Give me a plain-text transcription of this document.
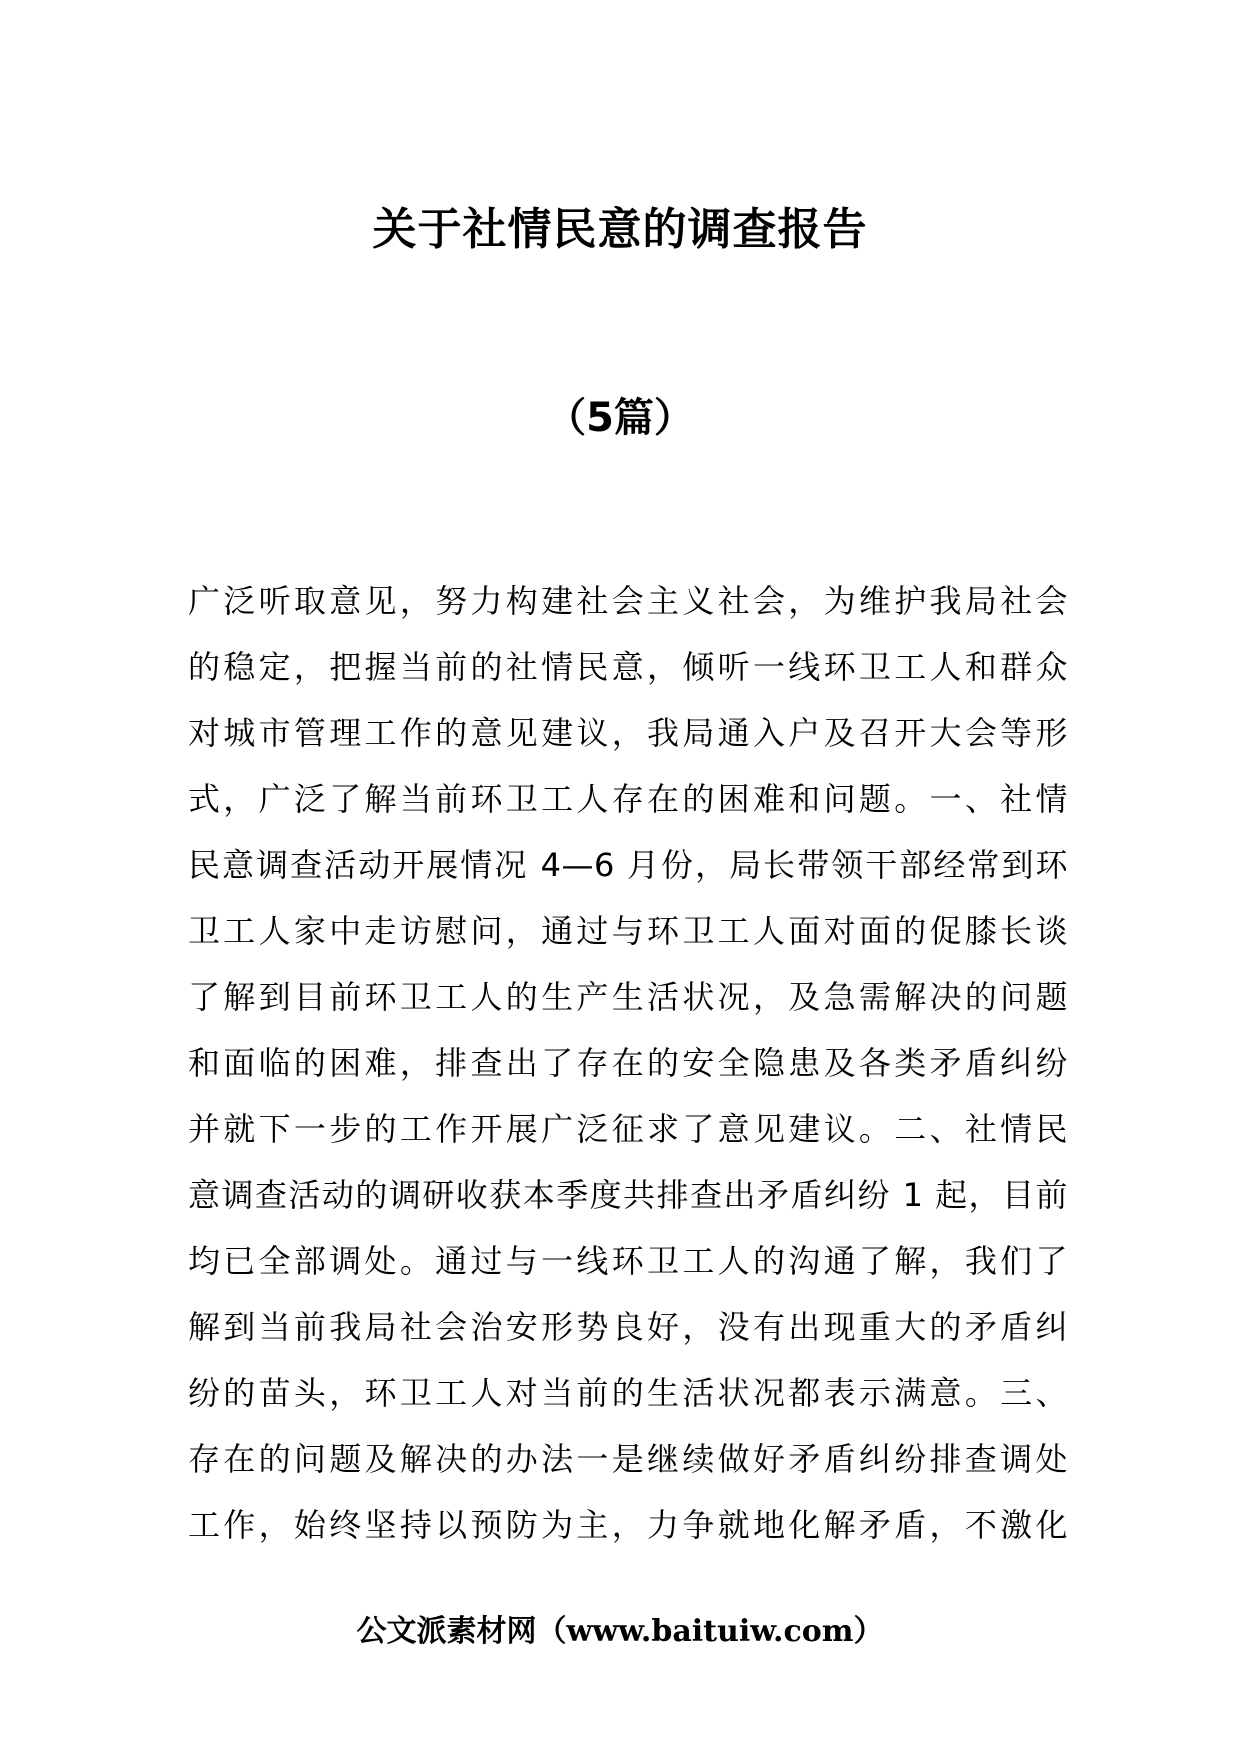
关于社情民意的调查报告
（5篇）
广泛听取意见，努力构建社会主义社会，为维护我局社会
的稳定，把握当前的社情民意，倾听一线环卫工人和群众
对城市管理工作的意见建议，我局通入户及召开大会等形
式，广泛了解当前环卫工人存在的困难和问题。一、社情
民意调查活动开展情况 4—6 月份，局长带领干部经常到环
卫工人家中走访慰问，通过与环卫工人面对面的促膝长谈
了解到目前环卫工人的生产生活状况，及急需解决的问题
和面临的困难，排查出了存在的安全隐患及各类矛盾纠纷
并就下一步的工作开展广泛征求了意见建议。二、社情民
意调查活动的调研收获本季度共排查出矛盾纠纷 1 起，目前
均已全部调处。通过与一线环卫工人的沟通了解，我们了
解到当前我局社会治安形势良好，没有出现重大的矛盾纠
纷的苗头，环卫工人对当前的生活状况都表示满意。三、
存在的问题及解决的办法一是继续做好矛盾纠纷排查调处
工作，始终坚持以预防为主，力争就地化解矛盾，不激化

公文派素材网（www.baituiw.com）
